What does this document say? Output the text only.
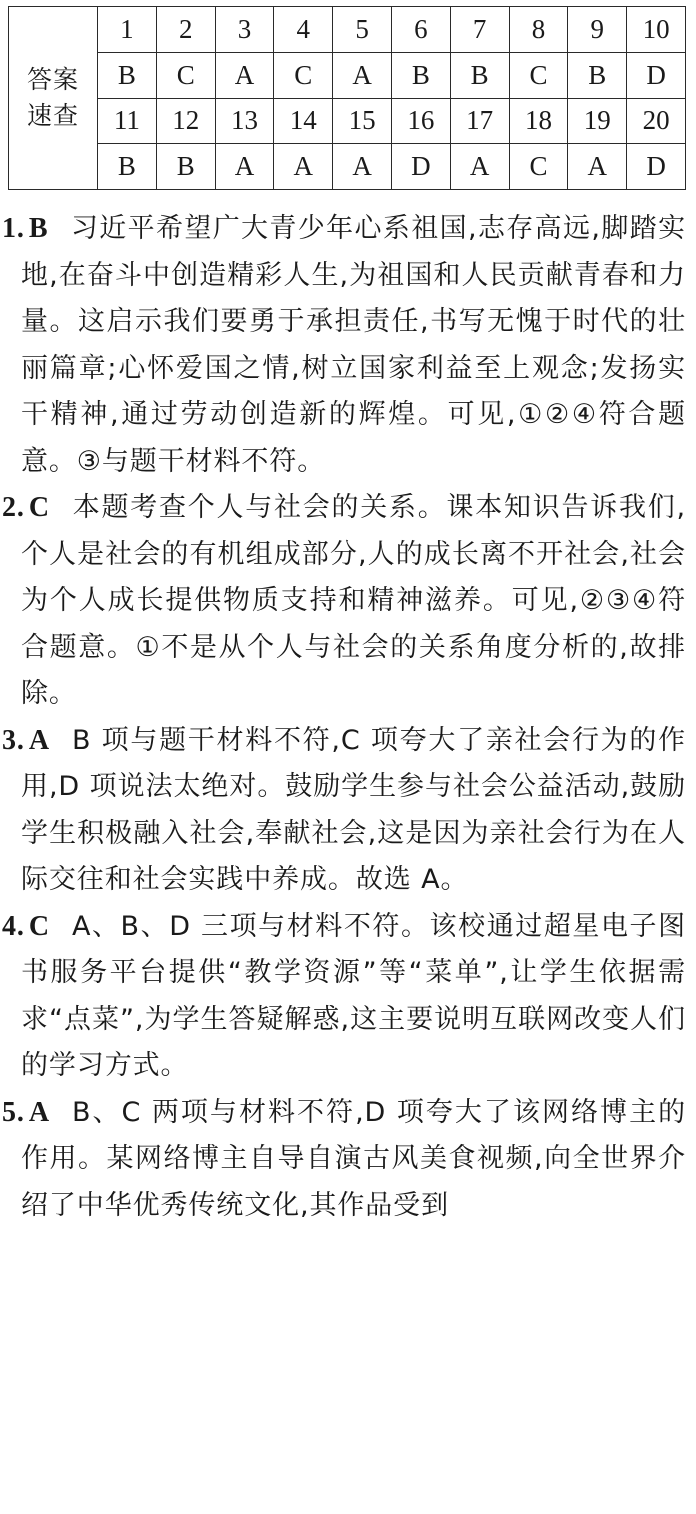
答案
速查	1	2	3	4	5	6	7	8	9	10
	B	C	A	C	A	B	B	C	B	D
	11	12	13	14	15	16	17	18	19	20
	B	B	A	A	A	D	A	C	A	D

1. B 习近平希望广大青少年心系祖国,志存高远,脚踏实地,在奋斗中创造精彩人生,为祖国和人民贡献青春和力量。这启示我们要勇于承担责任,书写无愧于时代的壮丽篇章;心怀爱国之情,树立国家利益至上观念;发扬实干精神,通过劳动创造新的辉煌。可见,①②④符合题意。③与题干材料不符。

2. C 本题考查个人与社会的关系。课本知识告诉我们,个人是社会的有机组成部分,人的成长离不开社会,社会为个人成长提供物质支持和精神滋养。可见,②③④符合题意。①不是从个人与社会的关系角度分析的,故排除。

3. A B 项与题干材料不符,C 项夸大了亲社会行为的作用,D 项说法太绝对。鼓励学生参与社会公益活动,鼓励学生积极融入社会,奉献社会,这是因为亲社会行为在人际交往和社会实践中养成。故选 A。

4. C A、B、D 三项与材料不符。该校通过超星电子图书服务平台提供“教学资源”等“菜单”,让学生依据需求“点菜”,为学生答疑解惑,这主要说明互联网改变人们的学习方式。

5. A B、C 两项与材料不符,D 项夸大了该网络博主的作用。某网络博主自导自演古风美食视频,向全世界介绍了中华优秀传统文化,其作品受到
